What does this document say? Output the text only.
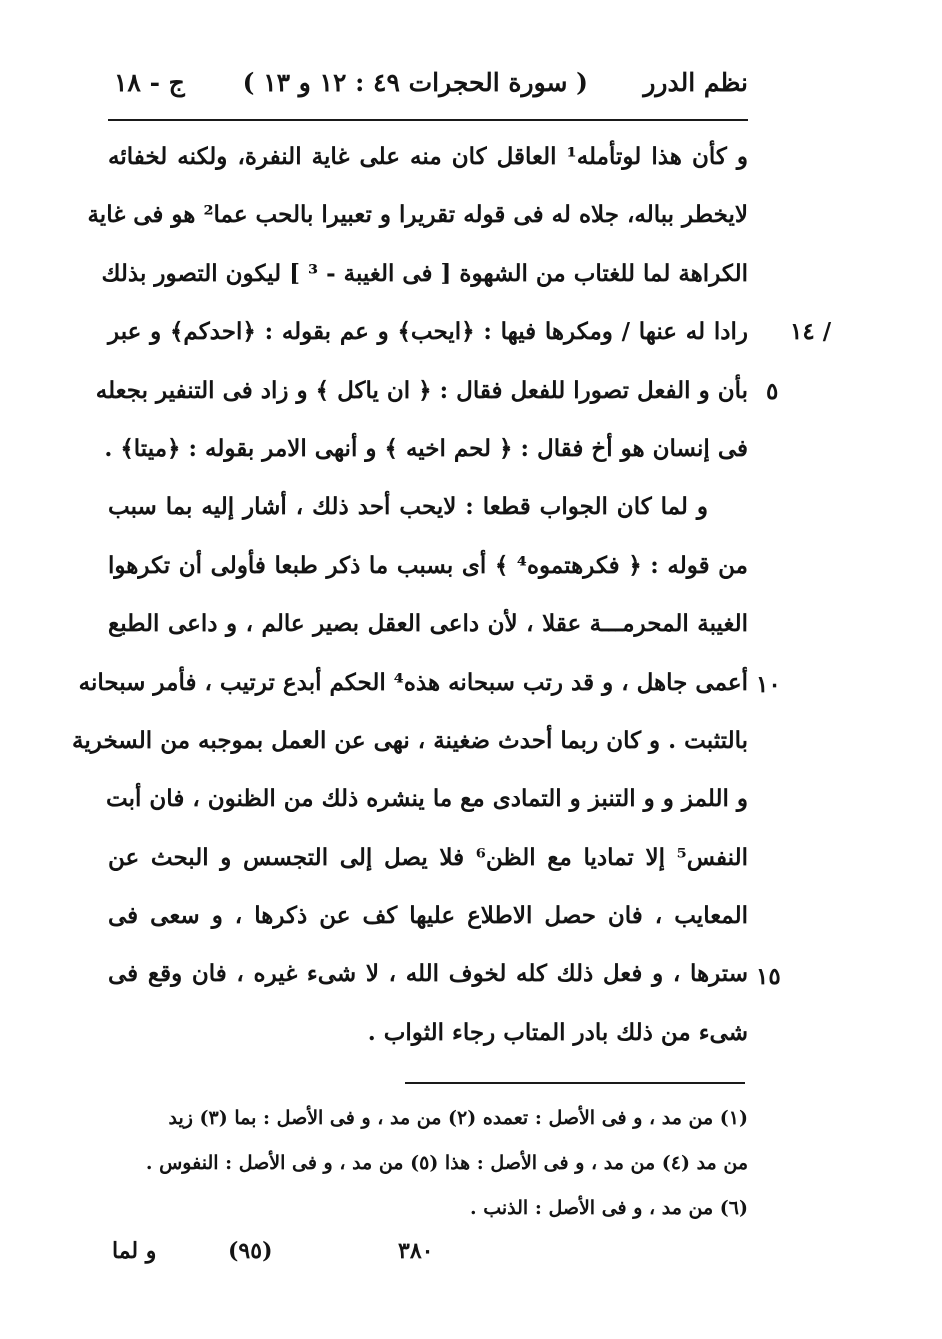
نظم الدرر
( سورة الحجرات ٤٩ : ١٢ و ١٣ )
ج - ١٨
و كأن هذا لوتأمله¹ العاقل كان منه على غاية النفرة، ولكنه لخفائه
لايخطر بباله، جلاه له فى قوله تقريرا و تعبيرا بالحب عما² هو فى غاية
الكراهة لما للغتاب من الشهوة [ فى الغيبة - ³ ] ليكون التصور بذلك
رادا له عنها / ومكرها فيها : ﴿ايحب﴾ و عم بقوله : ﴿احدكم﴾ و عبر
بأن و الفعل تصورا للفعل فقال : ﴿ ان ياكل ﴾ و زاد فى التنفير بجعله
فى إنسان هو أخ فقال : ﴿ لحم اخيه ﴾ و أنهى الامر بقوله : ﴿ميتا﴾ .
و لما كان الجواب قطعا : لايحب أحد ذلك ، أشار إليه بما سبب
من قوله : ﴿ فكرهتموه⁴ ﴾ أى بسبب ما ذكر طبعا فأولى أن تكرهوا
الغيبة المحرمـــة عقلا ، لأن داعى العقل بصير عالم ، و داعى الطبع
أعمى جاهل ، و قد رتب سبحانه هذه⁴ الحكم أبدع ترتيب ، فأمر سبحانه
بالتثبت . و كان ربما أحدث ضغينة ، نهى عن العمل بموجبه من السخرية
و اللمز و و التنبز و التمادى مع ما ينشره ذلك من الظنون ، فان أبت
النفس⁵ إلا تماديا مع الظن⁶ فلا يصل إلى التجسس و البحث عن
المعايب ، فان حصل الاطلاع عليها كف عن ذكرها ، و سعى فى
سترها ، و فعل ذلك كله لخوف الله ، لا شىء غيره ، فان وقع فى
شىء من ذلك بادر المتاب رجاء الثواب .
١٤ /
٥
١٠
١٥
(١) من مد ، و فى الأصل : تعمده (٢) من مد ، و فى الأصل : بما (٣) زيد
من مد (٤) من مد ، و فى الأصل : هذا (٥) من مد ، و فى الأصل : النفوس .
(٦) من مد ، و فى الأصل : الذنب .
و لما	(٩٥)	٣٨٠
